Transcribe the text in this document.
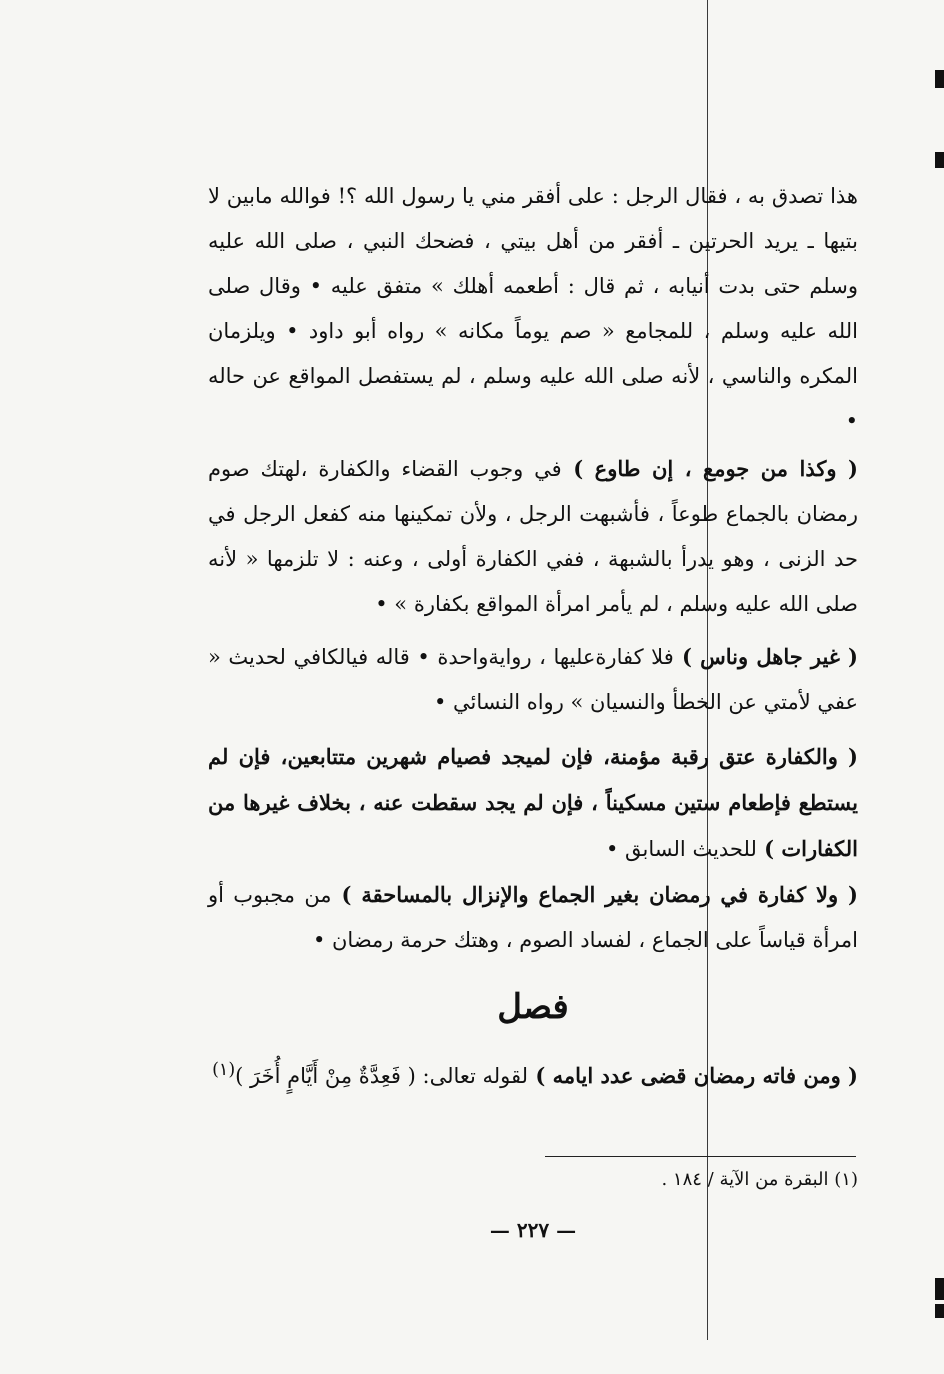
هذا تصدق به ، فقال الرجل : على أفقر مني يا رسول الله ؟! فوالله مابين لا بتيها ـ يريد الحرتين ـ أفقر من أهل بيتي ، فضحك النبي ، صلى الله عليه وسلم حتى بدت أنيابه ، ثم قال : أطعمه أهلك » متفق عليه • وقال صلى الله عليه وسلم ، للمجامع « صم يوماً مكانه » رواه أبو داود • ويلزمان المكره والناسي ، لأنه صلى الله عليه وسلم ، لم يستفصل المواقع عن حاله •

( وكذا من جومع ، إن طاوع ) في وجوب القضاء والكفارة ،لهتك صوم رمضان بالجماع طوعاً ، فأشبهت الرجل ، ولأن تمكينها منه كفعل الرجل في حد الزنى ، وهو يدرأ بالشبهة ، ففي الكفارة أولى ، وعنه : لا تلزمها « لأنه صلى الله عليه وسلم ، لم يأمر امرأة المواقع بكفارة » •

( غير جاهل وناس ) فلا كفارةعليها ، روايةواحدة • قاله فيالكافي لحديث « عفي لأمتي عن الخطأ والنسيان » رواه النسائي •

( والكفارة عتق رقبة مؤمنة، فإن لميجد فصيام شهرين متتابعين، فإن لم يستطع فإطعام ستين مسكيناً ، فإن لم يجد سقطت عنه ، بخلاف غيرها من الكفارات ) للحديث السابق •

( ولا كفارة في رمضان بغير الجماع والإنزال بالمساحقة ) من مجبوب أو امرأة قياساً على الجماع ، لفساد الصوم ، وهتك حرمة رمضان •

فصل

( ومن فاته رمضان قضى عدد ايامه ) لقوله تعالى: ( فَعِدَّةٌ مِنْ أَيَّامٍ أُخَرَ )$^{(١)}$

(١) البقرة من الآية / ١٨٤ .
— ٢٢٧ —
